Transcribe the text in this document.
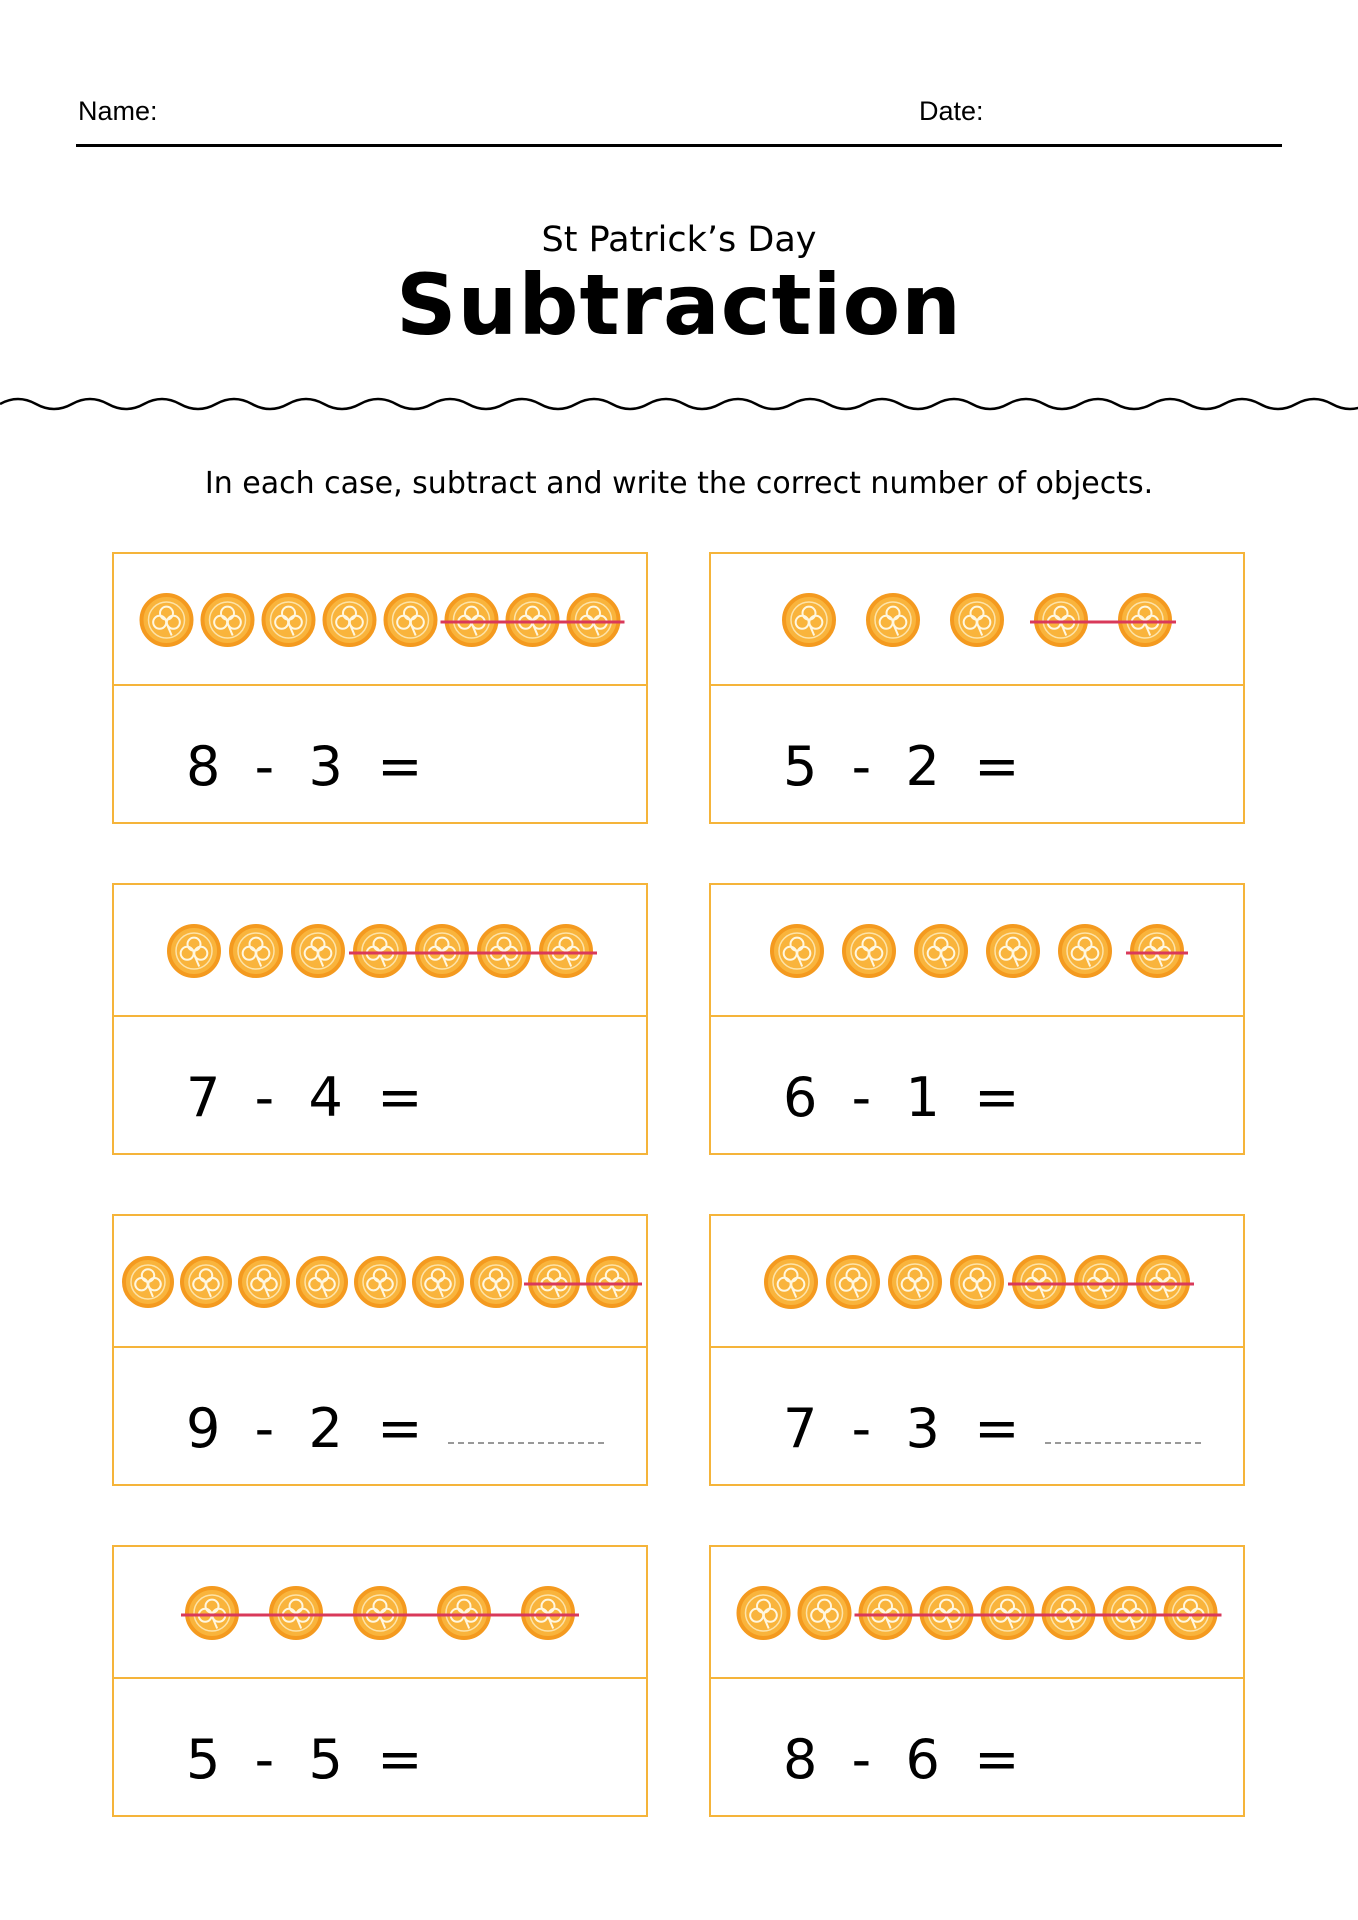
Name:	Date:
St Patrick’s Day
Subtraction
In each case, subtract and write the correct number of objects.
8  -  3  =	5  -  2  =
7  -  4  =	6  -  1  =
9  -  2  =	7  -  3  =
5  -  5  =	8  -  6  =
